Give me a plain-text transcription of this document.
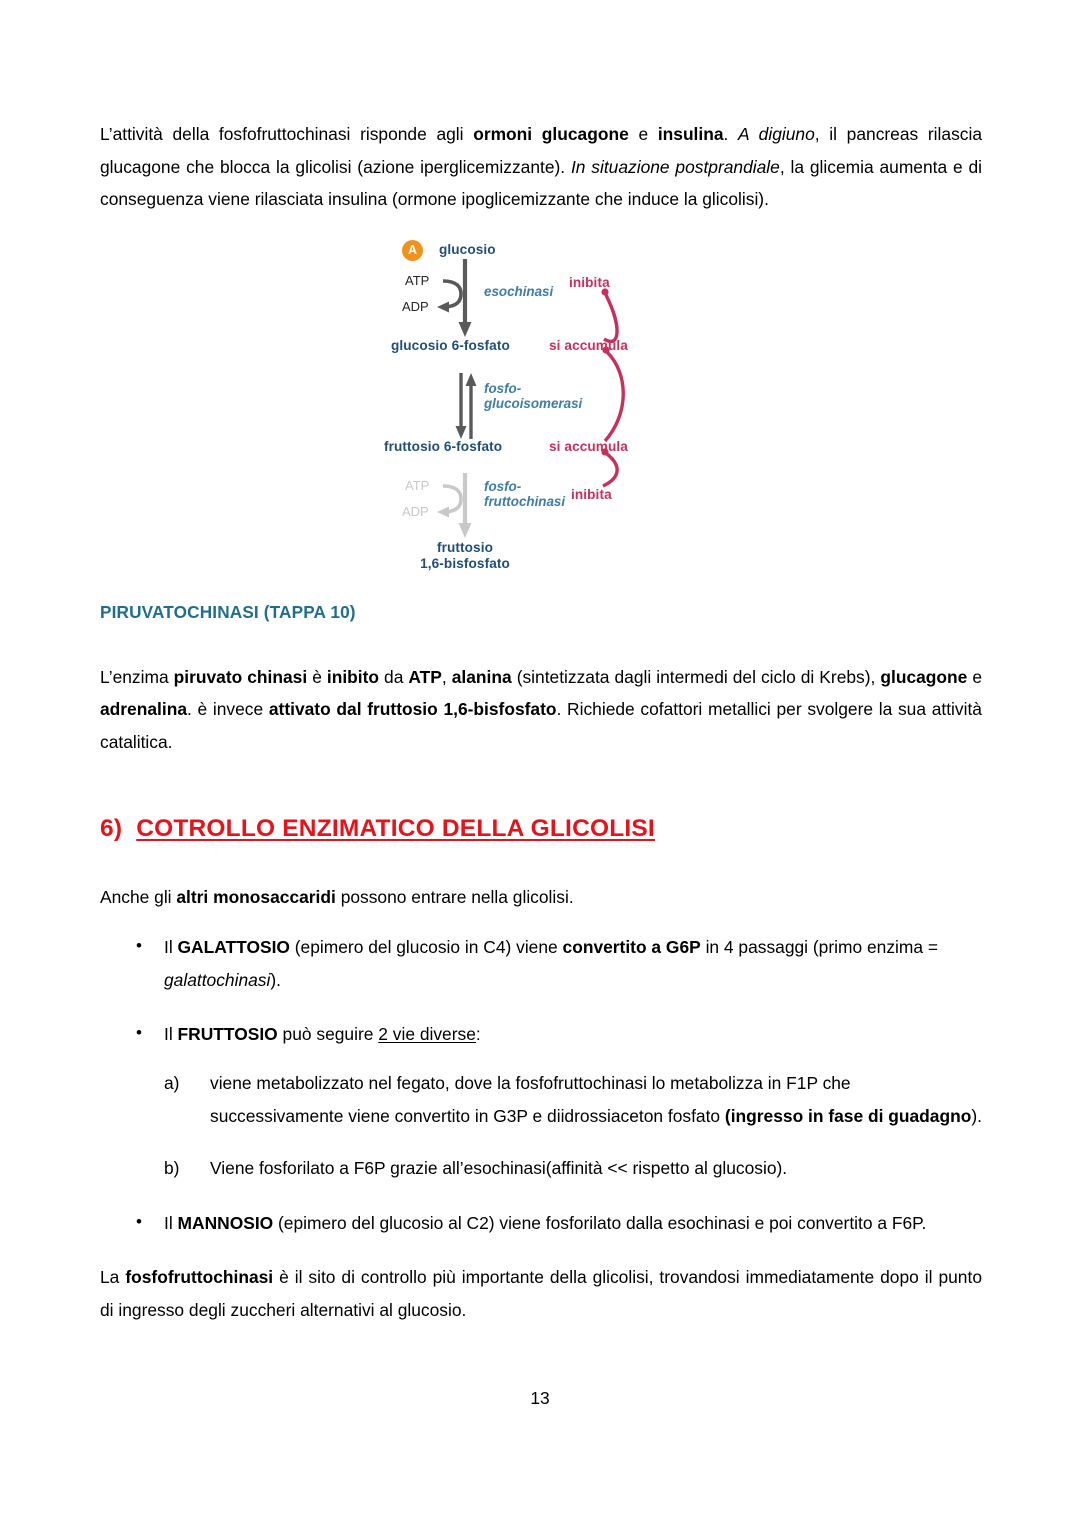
L’attività della fosfofruttochinasi risponde agli ormoni glucagone e insulina. A digiuno, il pancreas rilascia glucagone che blocca la glicolisi (azione iperglicemizzante). In situazione postprandiale, la glicemia aumenta e di conseguenza viene rilasciata insulina (ormone ipoglicemizzante che induce la glicolisi).

A glucosio
glucosio 6-fosfato
fruttosio 6-fosfato
fruttosio
1,6-bisfosfato
ATP
ADP
ATP
ADP
esochinasi
fosfo-
glucoisomerasi
fosfo-
fruttochinasi
inibita
si accumula
si accumula
inibita
PIRUVATOCHINASI (TAPPA 10)

L’enzima piruvato chinasi è inibito da ATP, alanina (sintetizzata dagli intermedi del ciclo di Krebs), glucagone e adrenalina. è invece attivato dal fruttosio 1,6-bisfosfato. Richiede cofattori metallici per svolgere la sua attività catalitica.

6) COTROLLO ENZIMATICO DELLA GLICOLISI

Anche gli altri monosaccaridi possono entrare nella glicolisi.

• Il GALATTOSIO (epimero del glucosio in C4) viene convertito a G6P in 4 passaggi (primo enzima = galattochinasi).
• Il FRUTTOSIO può seguire 2 vie diverse:
a) viene metabolizzato nel fegato, dove la fosfofruttochinasi lo metabolizza in F1P che successivamente viene convertito in G3P e diidrossiaceton fosfato (ingresso in fase di guadagno).
b) Viene fosforilato a F6P grazie all’esochinasi(affinità << rispetto al glucosio).
• Il MANNOSIO (epimero del glucosio al C2) viene fosforilato dalla esochinasi e poi convertito a F6P.

La fosfofruttochinasi è il sito di controllo più importante della glicolisi, trovandosi immediatamente dopo il punto di ingresso degli zuccheri alternativi al glucosio.

13
